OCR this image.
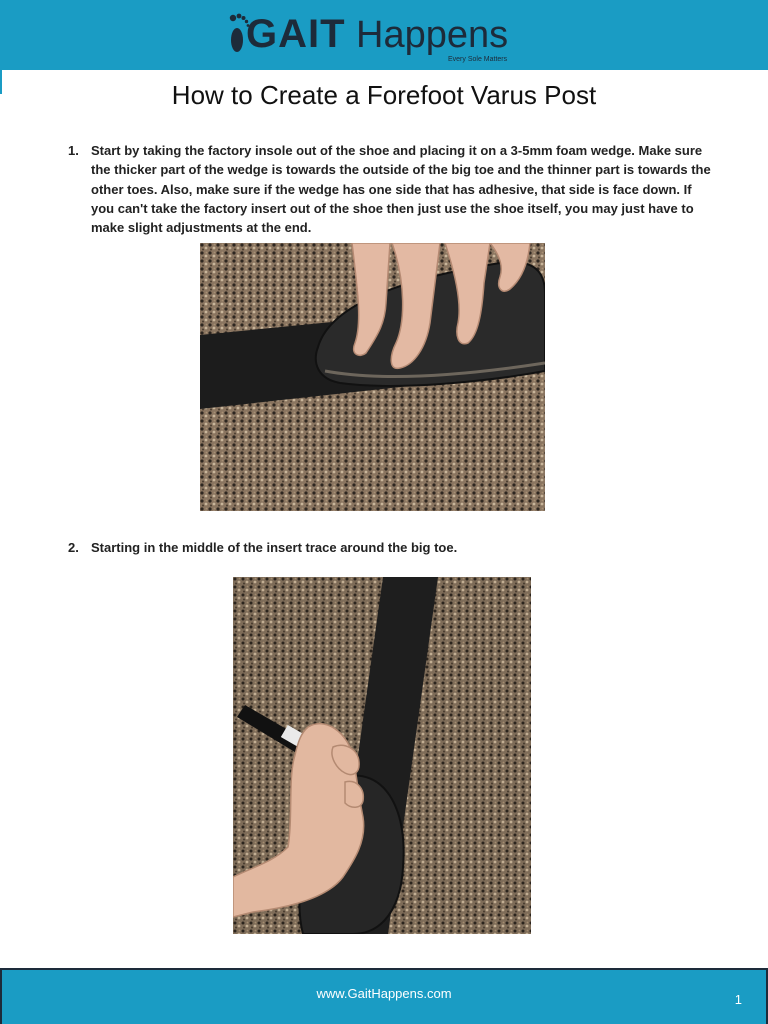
GAIT Happens
Every Sole Matters
How to Create a Forefoot Varus Post
1. Start by taking the factory insole out of the shoe and placing it on a 3-5mm foam wedge. Make sure the thicker part of the wedge is towards the outside of the big toe and the thinner part is towards the other toes. Also, make sure if the wedge has one side that has adhesive, that side is face down. If you can't take the factory insert out of the shoe then just use the shoe itself, you may just have to make slight adjustments at the end.
2. Starting in the middle of the insert trace around the big toe.
www.GaitHappens.com	1
